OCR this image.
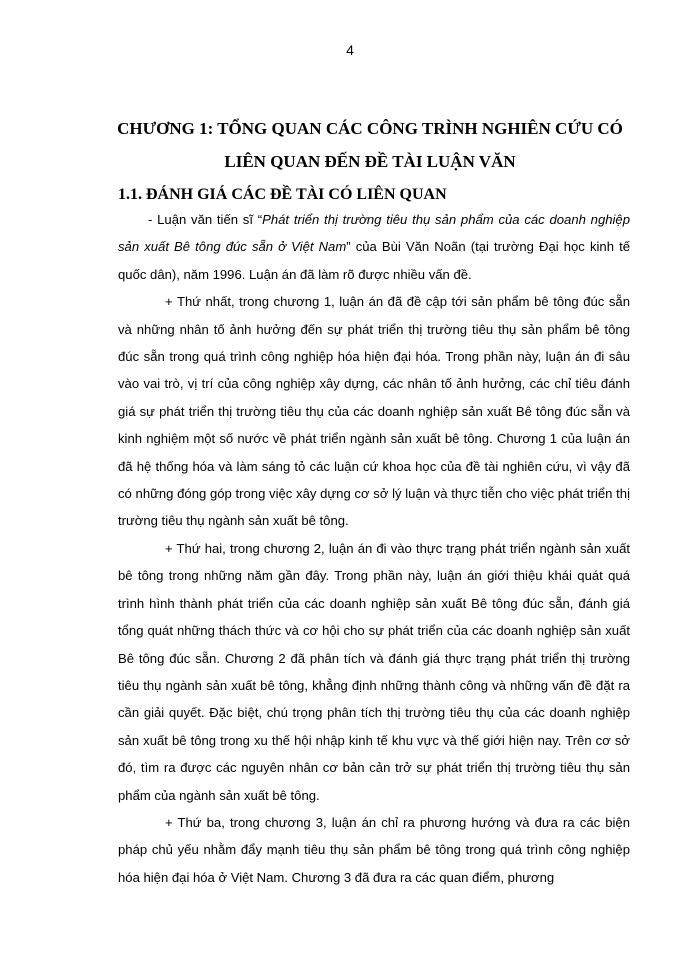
4
CHƯƠNG 1: TỔNG QUAN CÁC CÔNG TRÌNH NGHIÊN CỨU CÓ LIÊN QUAN ĐẾN ĐỀ TÀI LUẬN VĂN
1.1. ĐÁNH GIÁ CÁC ĐỀ TÀI CÓ LIÊN QUAN

- Luận văn tiến sĩ “Phát triển thị trường tiêu thụ sản phẩm của các doanh nghiệp sản xuất Bê tông đúc sẵn ở Việt Nam” của Bùi Văn Noãn (tại trường Đại học kinh tế quốc dân), năm 1996. Luận án đã làm rõ được nhiều vấn đề.

+ Thứ nhất, trong chương 1, luận án đã đề cập tới sản phẩm bê tông đúc sẵn và những nhân tố ảnh hưởng đến sự phát triển thị trường tiêu thụ sản phẩm bê tông đúc sẵn trong quá trình công nghiệp hóa hiện đại hóa. Trong phần này, luận án đi sâu vào vai trò, vị trí của công nghiệp xây dựng, các nhân tố ảnh hưởng, các chỉ tiêu đánh giá sự phát triển thị trường tiêu thụ của các doanh nghiệp sản xuất Bê tông đúc sẵn và kinh nghiệm một số nước về phát triển ngành sản xuất bê tông. Chương 1 của luận án đã hệ thống hóa và làm sáng tỏ các luận cứ khoa học của đề tài nghiên cứu, vì vậy đã có những đóng góp trong việc xây dựng cơ sở lý luận và thực tiễn cho việc phát triển thị trường tiêu thụ ngành sản xuất bê tông.

+ Thứ hai, trong chương 2, luận án đi vào thực trạng phát triển ngành sản xuất bê tông trong những năm gần đây. Trong phần này, luận án giới thiệu khái quát quá trình hình thành phát triển của các doanh nghiệp sản xuất Bê tông đúc sẵn, đánh giá tổng quát những thách thức và cơ hội cho sự phát triển của các doanh nghiệp sản xuất Bê tông đúc sẵn. Chương 2 đã phân tích và đánh giá thực trạng phát triển thị trường tiêu thụ ngành sản xuất bê tông, khẳng định những thành công và những vấn đề đặt ra cần giải quyết. Đặc biệt, chú trọng phân tích thị trường tiêu thụ của các doanh nghiệp sản xuất bê tông trong xu thế hội nhập kinh tế khu vực và thế giới hiện nay. Trên cơ sở đó, tìm ra được các nguyên nhân cơ bản cản trở sự phát triển thị trường tiêu thụ sản phẩm của ngành sản xuất bê tông.

+ Thứ ba, trong chương 3, luận án chỉ ra phương hướng và đưa ra các biện pháp chủ yếu nhằm đẩy mạnh tiêu thụ sản phẩm bê tông trong quá trình công nghiệp hóa hiện đại hóa ở Việt Nam. Chương 3 đã đưa ra các quan điểm, phương
